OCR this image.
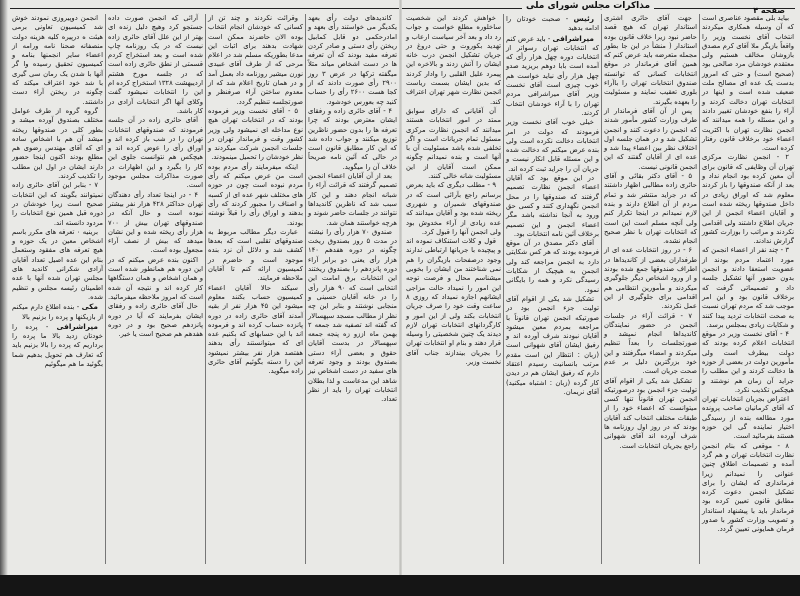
مذاکرات مجلس شورای ملی	صفحه ۴

بیاید بلی مقصود عناصری است که آن وسیله همکاری میکردند انتخاب آقای نخست وزیر را واقعاً بازیگر ملا آقای کرم مصدق بازوشان مخالف هستیم ولی معتقدم خودشان مرد صالحی بود (صحیح است) و حتی که امروز بدست یک عده ای مصالح ملت ضعیف شده است و اینها در انتخابات تهران دخالت کردند و آراء را بنفع خودشان تغییر دادند و این مسئله را همه میدانند که انجمن نظارت تهران با اکثریت اعضاء خود برخلاف قانون رفتار کرده است.

۲ - انجمن نظارت مرکزی تهران آن وظایفی که قانون برای آن معین کرده بود انجام نداد و بعد از آنکه صندوقها را باز کردند معلوم شد که اوراق زیادی در داخل صندوقها ریخته شده است و آقایان اعضاء انجمن از این جریان اطلاع داشتند ولی اقدامی نکردند و مراتب را بوزارت کشور گزارش ندادند.

۳ - چند نفر از اعضاء انجمن که مورد اعتماد مردم بودند از عضویت استعفا دادند و انجمن بدون حضور آنها تشکیل جلسه داد و تصمیماتی گرفت که برخلاف قانون بود و این امر موجب شد که مردم تهران نسبت به صحت انتخابات تردید پیدا کنند و شکایات زیادی بمجلس برسد.

۴ - آقای نخست وزیر در موقع انتخابات اعلام کرده بودند که دولت بیطرف است ولی مأمورین دولت در بعضی از حوزه ها دخالت کردند و این مطلب را جراید آن زمان هم نوشتند و هیچکس تکذیب نکرد.

اعتراض بجریان انتخابات تهران که آقای کرمانیان صاحب پرونده مورد مطالعه بنده از رسیدگی اختیار نماینده گی این حوزه هستند بفرمائید است.

۸ - موقعی که بنام انجمن نظارت انتخابات تهران و هم گرد آمده و تصمیمات اطلاق چنین عنوانی را نمیدانم زیرا فرمانداری که ایشان را برای تشکیل انجمن دعوت کرده مطابق قانون تعیین کرده بود فرماندار باید با پیشنهاد استاندار و تصویب وزارت کشور با صدور فرمان همایونی تعیین گردد.

جهت آقای حائری اشتری استاندار تهران که هیچ قصد حاضر نبود زیرا خلاف قانون بوده استاندار ( منشأ در این جا بطور مجمله متعرضه باید عرض کنم که همین آقای فرماندار در موقع انتخابات کسانی که توانسته صندوق انتخابات تهران را باآراء بلوری تعقیب نمایند و مسئولیت را بعهده بگیرند.

پس از آن آقای فرماندار از طرف وزارت کشور مأمور شدند که انجمن را دعوت کنند و انجمن تشکیل شد و در همان جلسه اول اختلاف نظر بین اعضاء پیدا شد و عده ای از آقایان گفتند که این انجمن قانونی نیست.

۵ - آقای دکتر بقائی و آقای حائری زاده مطالبی اظهار داشتند که در جراید منتشر شد و تمام مردم از آن اطلاع دارند و بنده لازم نمیدانم در اینجا تکرار کنم ولی آنچه مسلم است این است که انتخابات تهران با نظر صحیح انجام نشده.

۶ - در روز انتخابات عده ای از طرفداران بعضی از کاندیداها در اطراف صندوقها جمع شده بودند و از ورود اشخاص دیگر جلوگیری میکردند و مأمورین انتظامی هم اقدامی برای جلوگیری از این عمل نکردند.

۷ - قرائت آراء در جلسات انجمن در حضور نمایندگان کاندیداها انجام نمیشد و صورتجلسات را بعداً تنظیم میکردند و امضاء میگرفتند و این خود بزرگترین دلیل بر عدم صحت جریان است.

تشکیل شد یکی از اقوام آقای تولیت جزء انجمن بود درصورتیکه انجمن تهران قانوناً تنها کسی میتوانست که اعضاء خود را از طبقات مختلف انتخاب کند آقایان بودند که در روز اول روزنامه ها شرف آورده اند آقای شهوانی راجع بجریان انتخابات است.

رئیس - صحبت خودتان را ادامه بدهید

میراشرافی - باید عرض کنم که انتخابات تهران رسواتر از انتخابات دوره چهل هزار رأی که آمده است بابا دوهم بریزید صدو چهل هزار رأی نباید خواست هم خوب چیزی است آقای نخست وزیر آقای میراشرافی مردم تهران را با آراء خودشان انتخاب کردند.

خیلی خوب آقای نخست وزیر فرمودند که دولت در امر انتخابات دخالت نکرده است ولی بنده عرض میکنم که دخالت شده و این مسئله قابل انکار نیست و جریان آن را جراید ثبت کرده اند.

در این موقع بود که آقایان اعضاء انجمن نظارت تصمیم گرفتند که صندوقها را در محل انجمن نگهداری کنند و کسی حق ورود به آنجا نداشته باشد مگر اعضاء انجمن و این تصمیم برخلاف آئین نامه انتخابات بود.

آقای دکتر مصدق در آن موقع فرموده بودند که هر کس شکایتی دارد به انجمن مراجعه کند ولی انجمن به هیچیک از شکایات رسیدگی نکرد و همه را بایگانی نمود.

تشکیل شد یکی از اقوام آقای تولیت جزء انجمن بود در صورتیکه انجمن تهران قانوناً با مراجعه بمردم معین میشود آقایان نبودند شرف آورده اند و رفیق ایشان آقای شهوانی است (زبان : انتظار این است مقدم مرتب بانسانیت رسیدم اعتقاد دارم که رفیق ایشان هم در دیدن کار گرده (زبان : اشتباه میکنید) آقای نریمان.

خواهش کردند این شخصیت ساخلوره مطلع خواست و جواب رد داد و بعد آخر سیاست ارعاب و تهدید بکوروت و حتی دروغ در جریان تشکیل انجمن درب خانه ایشان را آتش زدند و بالاخره این پیمرد علیل القلبی را وادار کردند که بدین ایشان بسمت ریاست انجمن نظارت شهر تهران اعتراف کند.

آن آقایانی که دارای سوابق ممتد در امور انتخابات هستند میدانند که انجمن نظارت مرکزی مسئول تمام جریانات است و اگر تخلفی شده باشد مسئولیت آن با آنها است و بنده نمیدانم چگونه ممکن است آقایان از این مسئولیت شانه خالی کنند.

۹ - مطلب دیگری که باید بعرض برسانم راجع بآرائی است که در صندوقهای شمیران و شهرری ریخته شده بود و آقایان میدانند که عده زیادی از آراء مخدوش بود ولی انجمن آنها را قبول کرد.

قول و کلات استنکاف نموده اند و پیچیده با جریانها ارتباطی ندارند وجود درصفحات بازیگران را هم نمی شناختند من ایشان را بخوبی میشناسم محال و فرصت توجه این امور را نمیداد حالت مزاجی ایشانهم اجازه نمیداد که روزی ۸ ساعت وقت خود را صرف جریان انتخابات بکند ولی از این امور و کارگردانهای انتخابات تهران لازم دیدند یک چنین شخصیتی را وسیله قرار دهند و بنام او انتخابات تهران را بجریان بیندازند جناب آقای نخست وزیر.

کاندیدهای دولت رأی بعهد یکدیگر می خواستند رأی بعهد و امادرحکمی دو قابل کمابیل ریختن رأی دستی و صادر کردن تعرفه مفید بودند که آن تعرفه ها در دست اشخاص میاند مثلاً میگفته ترکها در عرض ۳ روز ۲۹۰۰ رأی صورت دادند که از کجا هست ۲۶۰۰ رأی را حساب کنید چه بعورس خودشود.

۴ - آقای حائری زاده و رفقای ایشان معترض بودند که چرا تعرفه ها را بدون حضور ناظرین توزیع میکنند و جواب داده شد که این کار مطابق قانون است در حالی که آئین نامه صریحاً خلاف آن را میگوید.

بعد از آن آقایان اعضاء انجمن تصمیم گرفتند که قرائت آراء را شبانه انجام دهند و این کار سبب شد که ناظرین کاندیداها نتوانند در جلسات حاضر شوند و هرچه خواستند همان شد.

صندوق ۷۰ هزار رأی را نیشته در مدت ۵ روز بصندوق ریخت چگونه در دوره هفدهم ۱۴۰ هزار رأی یعنی دو برابر آراء دوره پانزدهم را بصندوق ریختند این انتخابات برق امامت این انتخابی است که ۹۰ هزار رأی را در خانه آقایان حسینی و منجابی نوشتند و بنابر این چه نظر از مطالب مسجد سپهسالار که گفته اند تصفیه شد جمعه ۲ بهمن ماه اززو زه پنجه جمعه سپهسالار در بدست آقایان حقوق و بعضی آراء دستی بصندوق بودند و وجود تعرفه های سفید در دست اشخاص نیز شاهد این مدعاست و لذا بطلان انتخابات تهران را باید از نظر تعداد.

وقرائت نکردند و چند تن از کسانی که خودشان انجام انتخاب بوده الان حاضرند ممکن است شهادت بدهند برای اثبات این مدعا بطوریکه مسلم شد در اعلام مرحی که از طرف آقای عبیدی نورن میشیر روزنامه داد بعمل آمد و در همان تاریخ اعلام شد که از معدوم ساختن آراء صرفنظر و صورتجلسه تنظیم گردد.

۵ - آقای نخست وزیر فرموده بودند که در انتخابات تهران هیچ نوع مداخله ای نمیشود ولی وزیر کشور وقت و فرماندار تهران در جلسات انجمن شرکت میکردند و نظر خودشان را تحمیل مینمودند.

اینکه میفرمایند رأی مردم بوده است من عرض میکنم که رأی مردم نبوده است چون در حوزه های مختلف شهر عده ای از کسبه و اصناف را مجبور کردند که رأی بدهند و اوراق رأی را قبلاً نوشته بودند.

عبارت دیگر مطالب مربوط به صندوقهای تقلبی است که بعدها کشف شد و دلائل آن نزد بنده موجود است و حاضرم در کمیسیون ارائه کنم تا آقایان ملاحظه فرمایند.

سیکند حالا آقایان اعضاء کمیسیون حساب بکنند معلوم میشود این ۴۵ هزار نفر از بقیه آمدند آقای حائری زاده در دوره پانزده حساب کرده اند و فرموده اند با این حسابهای که بکنیم عده ای که میتوانستند رأی بدهند هفتصد هزار نفر بیشتر نمیشود این را دسته بگوئیم آقای حائری زاده میگوید.

آرائی که انجمن صورت داده جستجو کرد وهیچ دلیل زنده ای بهتر از این علل آقای حائری زاده نیست که در یک روزنامه چاپ شده است و بعد استخراج کردم قسمتی از نطق حائری زاده است که در جلسه مورخ هشتم اردیبهشت ۱۳۲۸ استخراج کرده ام این را انتخابات نمیشود گفت وکلای آنها اگر انتخابات آزادی در کار باشد.

آقای حائری زاده در آن جلسه فرمودند که صندوقهای انتخابات تهران را در شب باز کرده اند و اوراق رأی را عوض کرده اند و هیچکس هم نتوانست جلوی این کار را بگیرد و این اظهارات در صورت مذاکرات مجلس موجود است.

۴ - در اینجا تعداد رأی دهندگان تهران حداکثر ۴۲۸ هزار نفر بیشتر نبوده است و حال آنکه در صندوقهای تهران بیش از ۷۰۰ هزار رأی ریخته شده و این نشان میدهد که بیش از نصف آراء مجعول بوده است.

اکنون بنده عرض میکنم که در این دوره هم همانطور شده است و همان اشخاص و همان دستگاهها کار کرده اند و نتیجه آن شده است که امروز ملاحظه میفرمائید.

حال آقای حائری زاده و رفقای ایشان بفرمایند که آیا در دوره پانزدهم صحیح بود و در دوره هفدهم هم صحیح است یا خیر.

انجمن دوپیروزی نمودند خوش شد کمیسیون تعاونی برمی هیئت ه درپیره کلیه هزینه دولت منصفانه صحنا نامه ورامه از اعضاء سایر انجمنها بنامه و کمیسیون تحقیق رسیده وا گر آنها با شدن یک رمان سی گیری با شد خود اعتراف میکند که چگونه در ریختن آراء دست داشتند.

گروه گروه از طرف عوامل مختلف بصندوق آورده میشد و بطور کلی در صندوقها ریخته میشد آن هم با اشخاص ساده ای که آقای مهندس رضوی هم مطلع بودند اکنون اینجا حضور دارند ایشان در اول این مطلب را تکذیب کردند.

۷ - بنابر این آقای حائری زاده نمیتوانند بگویند که این انتخابات صحیح است زیرا خودشان در دوره قبل همین نوع انتخابات را مردود دانسته اند.

برینیه ۰ تعرفه های مکرر باسم اشخاص معین در یک حوزه و هیچ تعرفه های مفقود وستعمل بنام این عده اصیل تعداد آقایان آزادی شکرانی کاندید های مجلس تهران شده آنها با عده اطمینان رئیسه مجلس و تنظیم شده.

مکی - بنده اطلاع دارم میکنم از بازیکنها و پرده را بزنیم بالا

میراشرافی - پرده را خودتان زدید بالا ما پرده را برداریم که پرده را بالا بزنیم باید که تعارف هم تحویل بدهیم شما بگوئید ما هم میگوئیم
